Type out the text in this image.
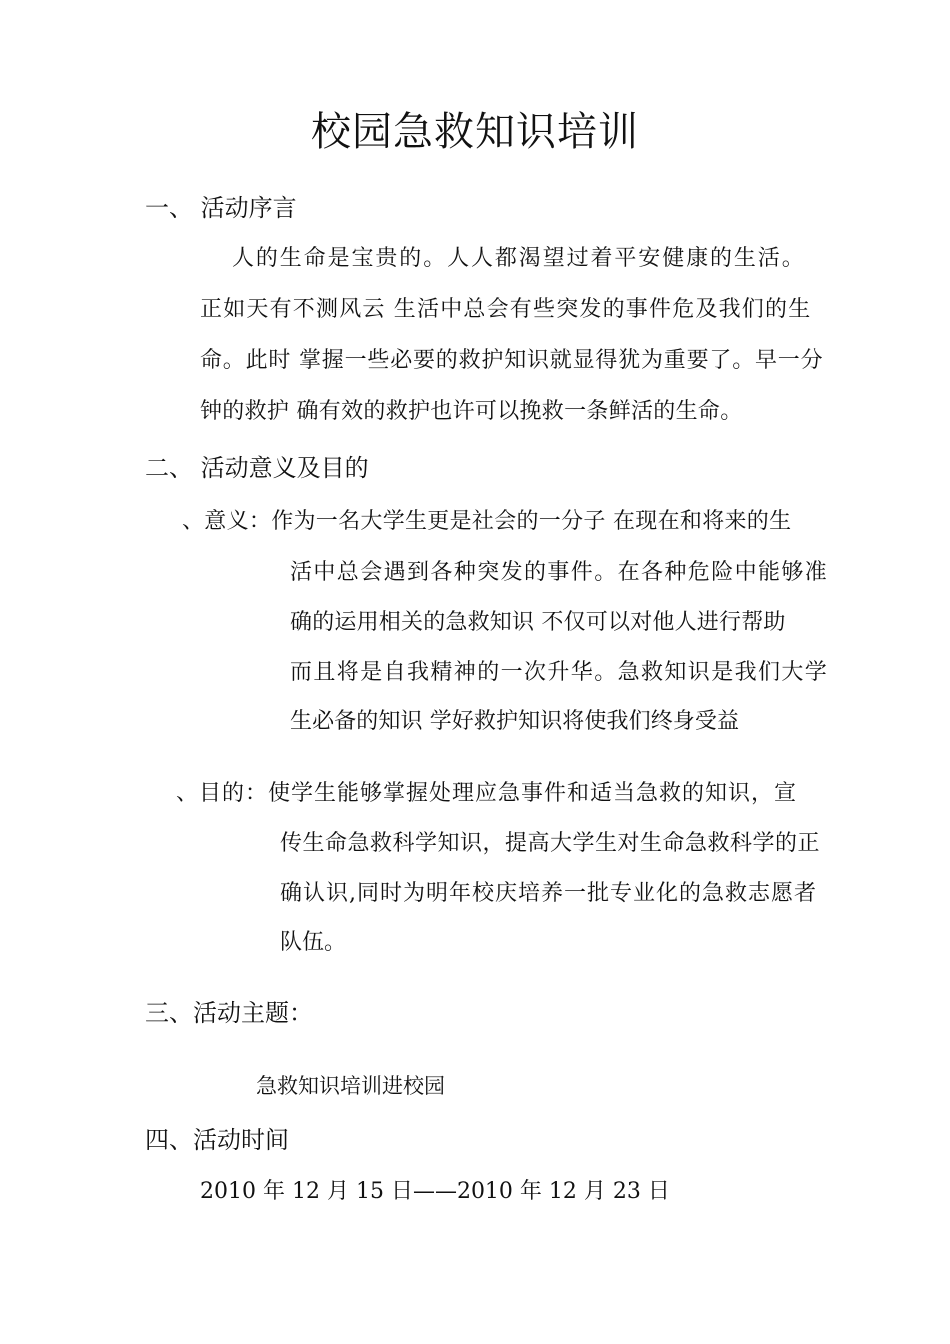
校园急救知识培训
一、 活动序言
人的生命是宝贵的。人人都渴望过着平安健康的生活。
正如天有不测风云 生活中总会有些突发的事件危及我们的生
命。此时 掌握一些必要的救护知识就显得犹为重要了。早一分
钟的救护 确有效的救护也许可以挽救一条鲜活的生命。
二、 活动意义及目的
、意义：作为一名大学生更是社会的一分子 在现在和将来的生
活中总会遇到各种突发的事件。在各种危险中能够准
确的运用相关的急救知识 不仅可以对他人进行帮助
而且将是自我精神的一次升华。急救知识是我们大学
生必备的知识 学好救护知识将使我们终身受益
、目的：使学生能够掌握处理应急事件和适当急救的知识，宣
传生命急救科学知识，提高大学生对生命急救科学的正
确认识,同时为明年校庆培养一批专业化的急救志愿者
队伍。
三、活动主题：
急救知识培训进校园
四、活动时间
2010 年 12 月 15 日——2010 年 12 月 23 日
